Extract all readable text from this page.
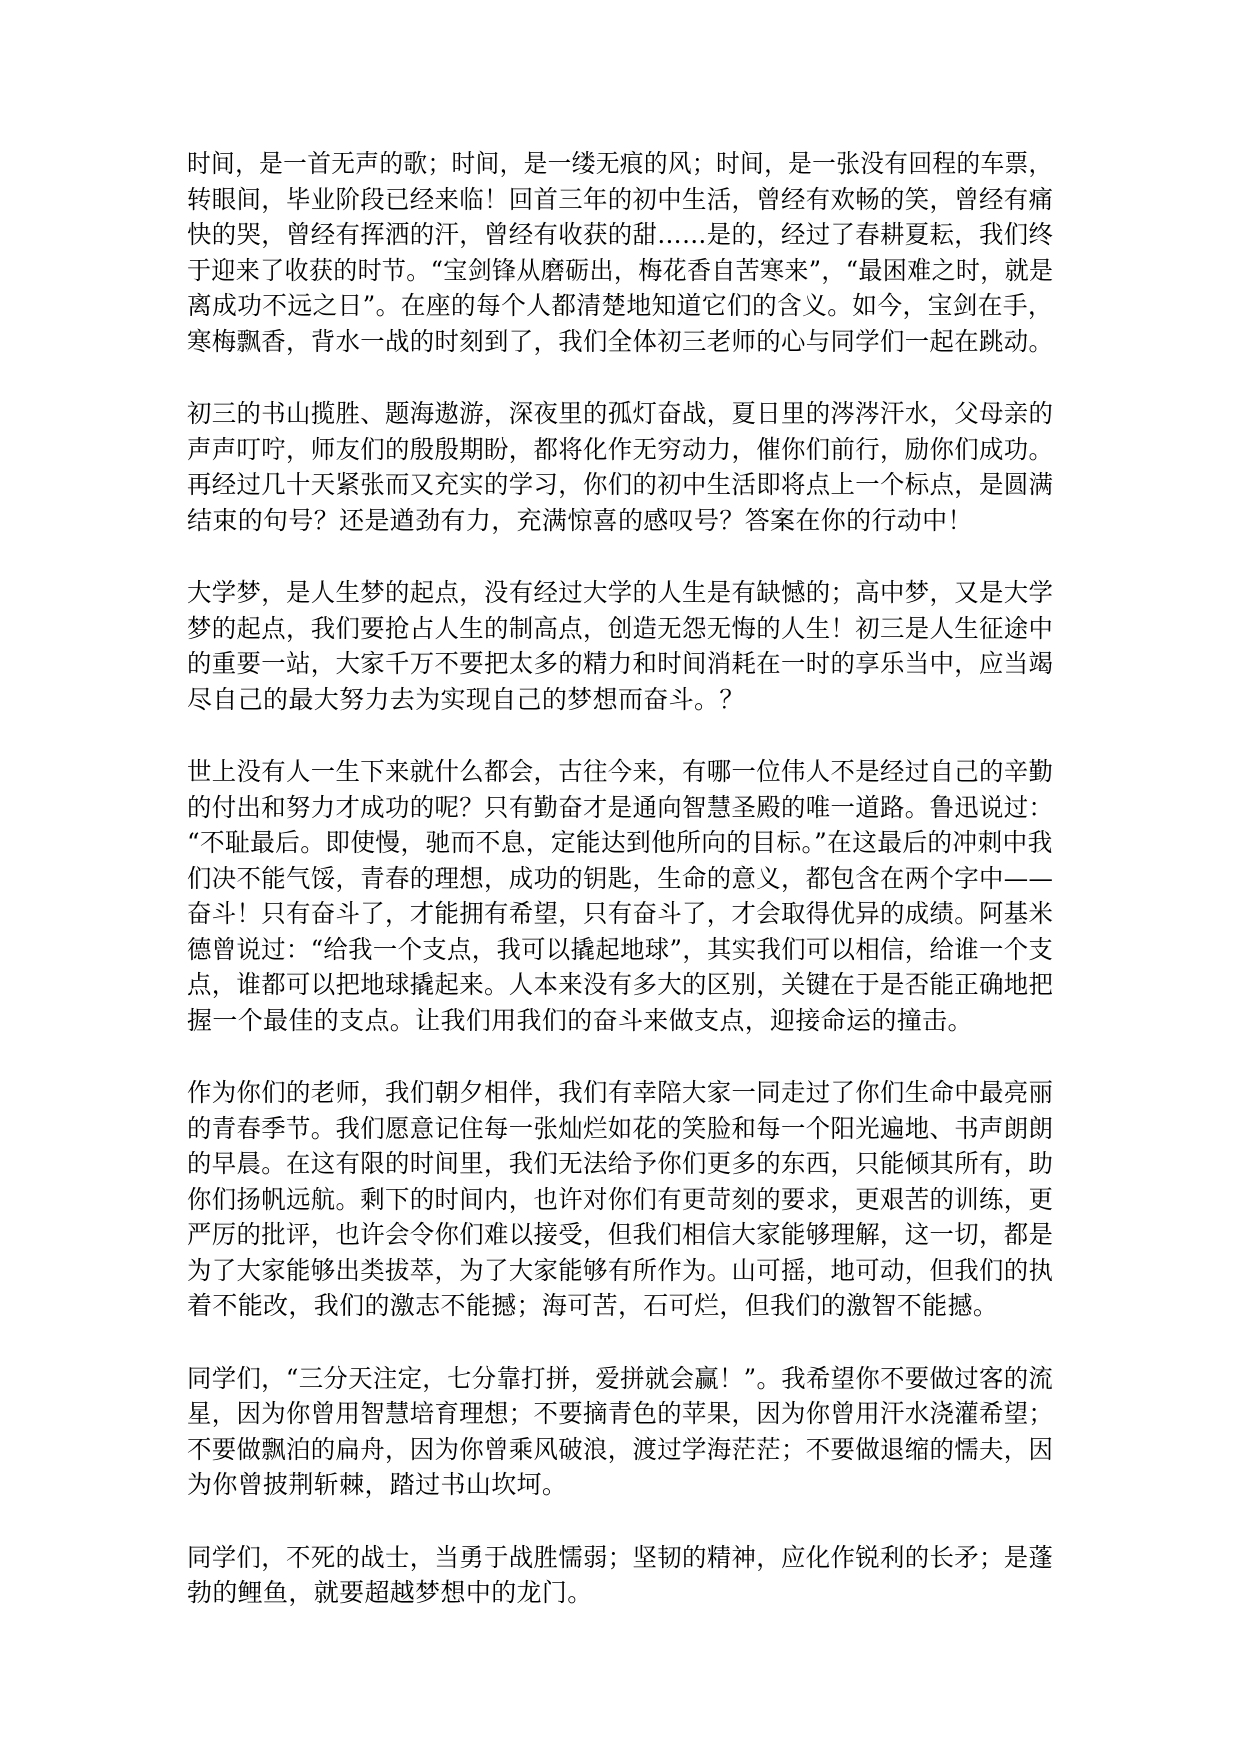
时间，是一首无声的歌；时间，是一缕无痕的风；时间，是一张没有回程的车票，
转眼间，毕业阶段已经来临！回首三年的初中生活，曾经有欢畅的笑，曾经有痛
快的哭，曾经有挥洒的汗，曾经有收获的甜……是的，经过了春耕夏耘，我们终
于迎来了收获的时节。“宝剑锋从磨砺出，梅花香自苦寒来”，“最困难之时，就是
离成功不远之日”。在座的每个人都清楚地知道它们的含义。如今，宝剑在手，
寒梅飘香，背水一战的时刻到了，我们全体初三老师的心与同学们一起在跳动。

初三的书山揽胜、题海遨游，深夜里的孤灯奋战，夏日里的涔涔汗水，父母亲的
声声叮咛，师友们的殷殷期盼，都将化作无穷动力，催你们前行，励你们成功。
再经过几十天紧张而又充实的学习，你们的初中生活即将点上一个标点，是圆满
结束的句号？还是遒劲有力，充满惊喜的感叹号？答案在你的行动中！

大学梦，是人生梦的起点，没有经过大学的人生是有缺憾的；高中梦，又是大学
梦的起点，我们要抢占人生的制高点，创造无怨无悔的人生！初三是人生征途中
的重要一站，大家千万不要把太多的精力和时间消耗在一时的享乐当中，应当竭
尽自己的最大努力去为实现自己的梦想而奋斗。？

世上没有人一生下来就什么都会，古往今来，有哪一位伟人不是经过自己的辛勤
的付出和努力才成功的呢？只有勤奋才是通向智慧圣殿的唯一道路。鲁迅说过：
“不耻最后。即使慢，驰而不息，定能达到他所向的目标。”在这最后的冲刺中我
们决不能气馁，青春的理想，成功的钥匙，生命的意义，都包含在两个字中——
奋斗！只有奋斗了，才能拥有希望，只有奋斗了，才会取得优异的成绩。阿基米
德曾说过：“给我一个支点，我可以撬起地球”，其实我们可以相信，给谁一个支
点，谁都可以把地球撬起来。人本来没有多大的区别，关键在于是否能正确地把
握一个最佳的支点。让我们用我们的奋斗来做支点，迎接命运的撞击。

作为你们的老师，我们朝夕相伴，我们有幸陪大家一同走过了你们生命中最亮丽
的青春季节。我们愿意记住每一张灿烂如花的笑脸和每一个阳光遍地、书声朗朗
的早晨。在这有限的时间里，我们无法给予你们更多的东西，只能倾其所有，助
你们扬帆远航。剩下的时间内，也许对你们有更苛刻的要求，更艰苦的训练，更
严厉的批评，也许会令你们难以接受，但我们相信大家能够理解，这一切，都是
为了大家能够出类拔萃，为了大家能够有所作为。山可摇，地可动，但我们的执
着不能改，我们的激志不能撼；海可苦，石可烂，但我们的激智不能撼。

同学们，“三分天注定，七分靠打拼，爱拼就会赢！”。我希望你不要做过客的流
星，因为你曾用智慧培育理想；不要摘青色的苹果，因为你曾用汗水浇灌希望；
不要做飘泊的扁舟，因为你曾乘风破浪，渡过学海茫茫；不要做退缩的懦夫，因
为你曾披荆斩棘，踏过书山坎坷。

同学们，不死的战士，当勇于战胜懦弱；坚韧的精神，应化作锐利的长矛；是蓬
勃的鲤鱼，就要超越梦想中的龙门。
